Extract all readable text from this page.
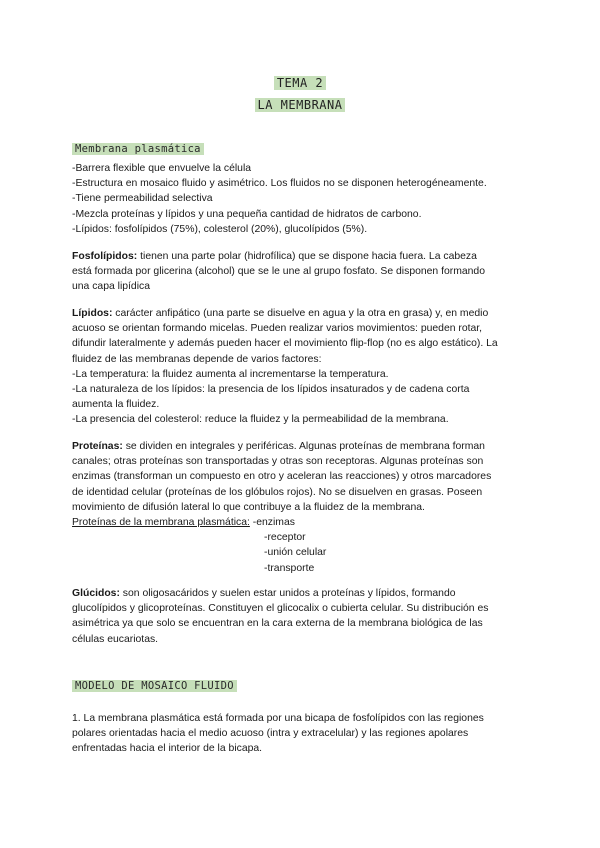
TEMA 2
LA MEMBRANA
Membrana plasmática
-Barrera flexible que envuelve la célula
-Estructura en mosaico fluido y asimétrico. Los fluidos no se disponen heterogéneamente.
-Tiene permeabilidad selectiva
-Mezcla proteínas y lípidos y una pequeña cantidad de hidratos de carbono.
-Lípidos: fosfolípidos (75%), colesterol (20%), glucolípidos (5%).
Fosfolípidos: tienen una parte polar (hidrofílica) que se dispone hacia fuera. La cabeza
está formada por glicerina (alcohol) que se le une al grupo fosfato. Se disponen formando
una capa lipídica
Lípidos: carácter anfipático (una parte se disuelve en agua y la otra en grasa) y, en medio
acuoso se orientan formando micelas. Pueden realizar varios movimientos: pueden rotar,
difundir lateralmente y además pueden hacer el movimiento flip-flop (no es algo estático). La
fluidez de las membranas depende de varios factores:
-La temperatura: la fluidez aumenta al incrementarse la temperatura.
-La naturaleza de los lípidos: la presencia de los lípidos insaturados y de cadena corta
aumenta la fluidez.
-La presencia del colesterol: reduce la fluidez y la permeabilidad de la membrana.
Proteínas: se dividen en integrales y periféricas. Algunas proteínas de membrana forman
canales; otras proteínas son transportadas y otras son receptoras. Algunas proteínas son
enzimas (transforman un compuesto en otro y aceleran las reacciones) y otros marcadores
de identidad celular (proteínas de los glóbulos rojos). No se disuelven en grasas. Poseen
movimiento de difusión lateral lo que contribuye a la fluidez de la membrana.
Proteínas de la membrana plasmática: -enzimas
-receptor
-unión celular
-transporte
Glúcidos: son oligosacáridos y suelen estar unidos a proteínas y lípidos, formando
glucolípidos y glicoproteínas. Constituyen el glicocalix o cubierta celular. Su distribución es
asimétrica ya que solo se encuentran en la cara externa de la membrana biológica de las
células eucariotas.
MODELO DE MOSAICO FLUIDO
1. La membrana plasmática está formada por una bicapa de fosfolípidos con las regiones
polares orientadas hacia el medio acuoso (intra y extracelular) y las regiones apolares
enfrentadas hacia el interior de la bicapa.
